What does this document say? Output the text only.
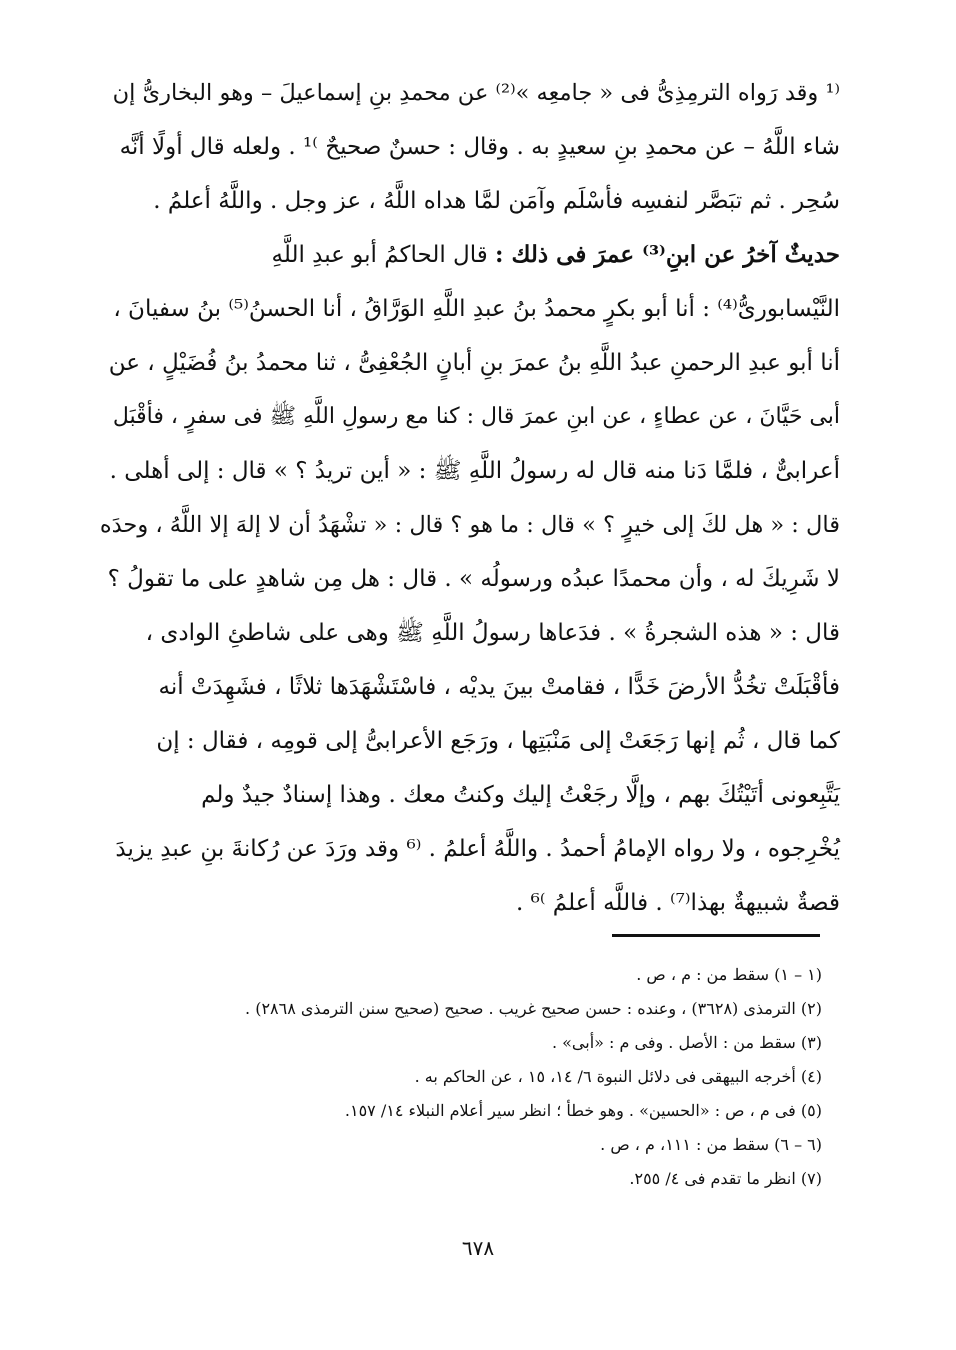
⁽¹ وقد رَواه الترمِذِىُّ فى « جامعِه »⁽²⁾ عن محمدِ بنِ إسماعيلَ – وهو البخارىُّ إن
شاء اللَّهُ – عن محمدِ بنِ سعيدٍ به . وقال : حسنٌ صحيحٌ ⁾¹ . ولعله قال أولًا أنَّه
سُحِر . ثم تبَصَّر لنفسِه فأسْلَم وآمَن لمَّا هداه اللَّهُ ، عز وجل . واللَّهُ أعلمُ .
حديثٌ آخرُ عن ابنِ⁽³⁾ عمرَ فى ذلك : قال الحاكمُ أبو عبدِ اللَّهِ
النَّيْسابورىُّ⁽⁴⁾ : أنا أبو بكرٍ محمدُ بنُ عبدِ اللَّهِ الوَرَّاقُ ، أنا الحسنُ⁽⁵⁾ بنُ سفيانَ ،
أنا أبو عبدِ الرحمنِ عبدُ اللَّهِ بنُ عمرَ بنِ أبانٍ الجُعْفِىُّ ، ثنا محمدُ بنُ فُضَيْلٍ ، عن
أبى حَيَّانَ ، عن عطاءٍ ، عن ابنِ عمرَ قال : كنا مع رسولِ اللَّهِ ﷺ فى سفرٍ ، فأقْبَل
أعرابىٌّ ، فلمَّا دَنا منه قال له رسولُ اللَّهِ ﷺ : « أين تريدُ ؟ » قال : إلى أهلى .
قال : « هل لكَ إلى خيرٍ ؟ » قال : ما هو ؟ قال : « تشْهَدُ أن لا إلهَ إلا اللَّهُ ، وحدَه
لا شَرِيكَ له ، وأن محمدًا عبدُه ورسولُه » . قال : هل مِن شاهدٍ على ما تقولُ ؟
قال : « هذه الشجرةُ » . فدَعاها رسولُ اللَّهِ ﷺ وهى على شاطئِ الوادى ،
فأقْبَلَتْ تخُدُّ الأرضَ خَدًّا ، فقامتْ بينَ يديْه ، فاسْتَشْهَدَها ثلاثًا ، فشَهِدَتْ أنه
كما قال ، ثُم إنها رَجَعَتْ إلى مَنْبَتِها ، ورَجَع الأعرابىُّ إلى قومِه ، فقال : إن
يَتَّبِعونى أتَيْتُكَ بهم ، وإلَّا رجَعْتُ إليك وكنتُ معك . وهذا إسنادٌ جيدٌ ولم
يُخْرِجوه ، ولا رواه الإمامُ أحمدُ . واللَّهُ أعلمُ . ⁽⁶ وقد ورَدَ عن رُكانةَ بنِ عبدِ يزيدَ
قصةٌ شبيهةٌ بهذا⁽⁷⁾ . فاللَّه أعلمُ ⁾⁶ .
(١ – ١) سقط من : م ، ص .
(٢) الترمذى (٣٦٢٨) ، وعنده : حسن صحيح غريب . صحيح (صحيح سنن الترمذى ٢٨٦٨) .
(٣) سقط من : الأصل . وفى م : «أبى» .
(٤) أخرجه البيهقى فى دلائل النبوة ٦/ ١٤، ١٥ ، عن الحاكم به .
(٥) فى م ، ص : «الحسين» . وهو خطأ ؛ انظر سير أعلام النبلاء ١٤/ ١٥٧.
(٦ – ٦) سقط من : ١١١، م ، ص .
(٧) انظر ما تقدم فى ٤/ ٢٥٥.
٦٧٨
